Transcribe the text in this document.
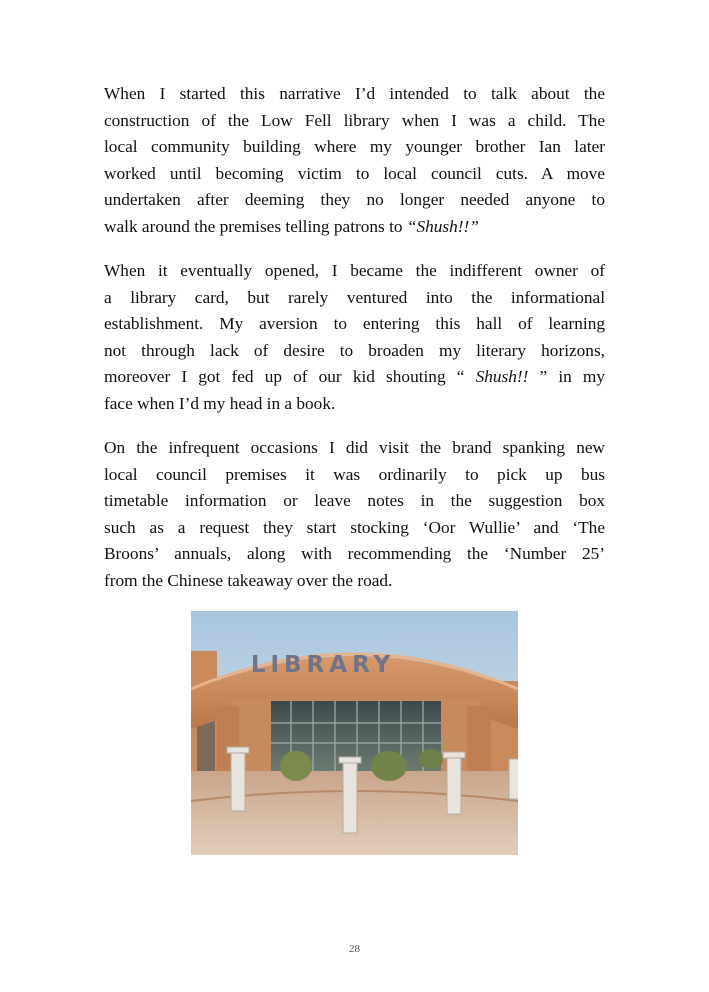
When I started this narrative I’d intended to talk about the
construction of the Low Fell library when I was a child. The
local community building where my younger brother Ian later
worked until becoming victim to local council cuts. A move
undertaken after deeming they no longer needed anyone to
walk around the premises telling patrons to “Shush!!”
When it eventually opened, I became the indifferent owner of
a library card, but rarely ventured into the informational
establishment. My aversion to entering this hall of learning
not through lack of desire to broaden my literary horizons,
moreover I got fed up of our kid shouting “ Shush!! ” in my
face when I’d my head in a book.
On the infrequent occasions I did visit the brand spanking new
local council premises it was ordinarily to pick up bus
timetable information or leave notes in the suggestion box
such as a request they start stocking ‘Oor Wullie’ and ‘The
Broons’ annuals, along with recommending the ‘Number 25’
from the Chinese takeaway over the road.
LIBRARY
28
